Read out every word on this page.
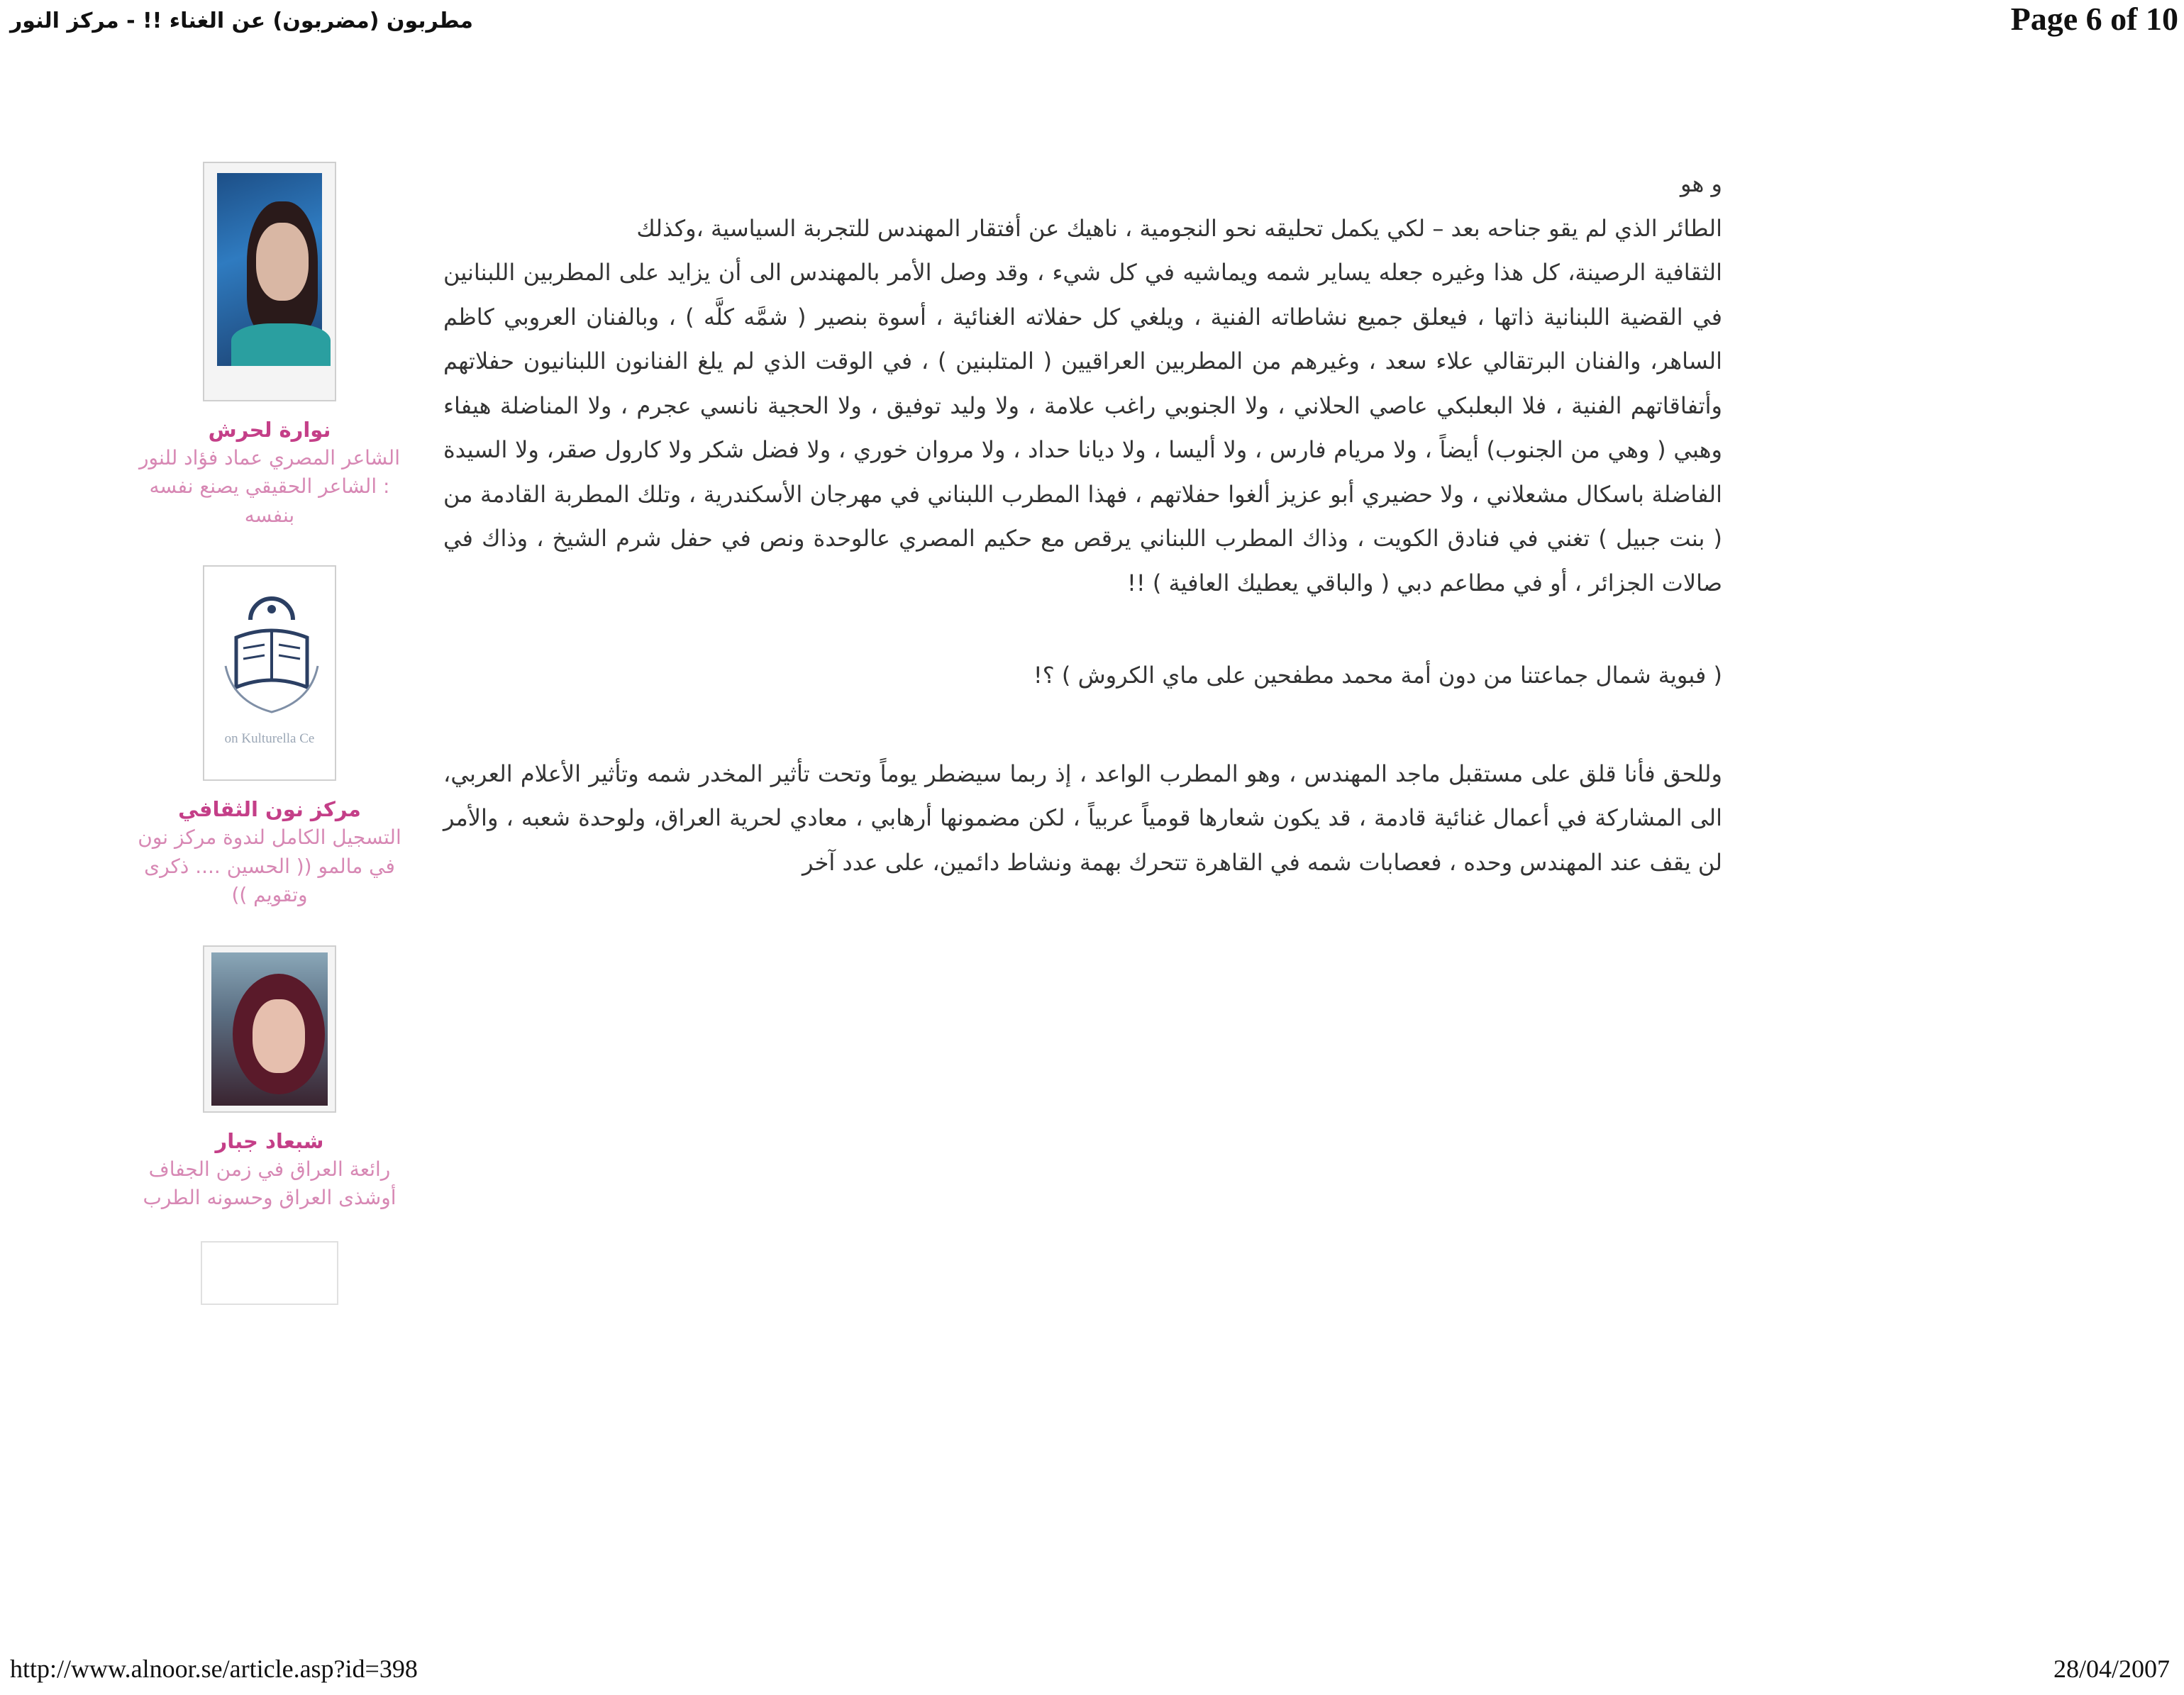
مطربون (مضربون) عن الغناء !! - مركز النور	Page 6 of 10
نوارة لحرش
الشاعر المصري عماد فؤاد للنور : الشاعر الحقيقي يصنع نفسه بنفسه
on Kulturella Ce
مركز نون الثقافي
التسجيل الكامل لندوة مركز نون في مالمو (( الحسين .... ذكرى وتقويم ))
شبعاد جبار
رائعة العراق في زمن الجفاف أوشذى العراق وحسونه الطرب

و هو

الطائر الذي لم يقو جناحه بعد – لكي يكمل تحليقه نحو النجومية ، ناهيك عن أفتقار المهندس للتجربة السياسية ،وكذلك

الثقافية الرصينة، كل هذا وغيره جعله يساير شمه ويماشيه في كل شيء ، وقد وصل الأمر بالمهندس الى أن يزايد على المطربين اللبنانين في القضية اللبنانية ذاتها ، فيعلق جميع نشاطاته الفنية ، ويلغي كل حفلاته الغنائية ، أسوة بنصير ( شمَّه كلَّه ) ، وبالفنان العروبي كاظم الساهر، والفنان البرتقالي علاء سعد ، وغيرهم من المطربين العراقيين ( المتلبنين ) ، في الوقت الذي لم يلغ الفنانون اللبنانيون حفلاتهم وأتفاقاتهم الفنية ، فلا البعلبكي عاصي الحلاني ، ولا الجنوبي راغب علامة ، ولا وليد توفيق ، ولا الحجية نانسي عجرم ، ولا المناضلة هيفاء وهبي ( وهي من الجنوب) أيضاً ، ولا مريام فارس ، ولا أليسا ، ولا ديانا حداد ، ولا مروان خوري ، ولا فضل شكر ولا كارول صقر، ولا السيدة الفاضلة باسكال مشعلاني ، ولا حضيري أبو عزيز ألغوا حفلاتهم ، فهذا المطرب اللبناني في مهرجان الأسكندرية ، وتلك المطربة القادمة من ( بنت جبيل ) تغني في فنادق الكويت ، وذاك المطرب اللبناني يرقص مع حكيم المصري عالوحدة ونص في حفل شرم الشيخ ، وذاك في صالات الجزائر ، أو في مطاعم دبي ( والباقي يعطيك العافية ) !!

( فبوية شمال جماعتنا من دون أمة محمد مطفحين على ماي الكروش ) ؟!

وللحق فأنا قلق على مستقبل ماجد المهندس ، وهو المطرب الواعد ، إذ ربما سيضطر يوماً وتحت تأثير المخدر شمه وتأثير الأعلام العربي، الى المشاركة في أعمال غنائية قادمة ، قد يكون شعارها قومياً عربياً ، لكن مضمونها أرهابي ، معادي لحرية العراق، ولوحدة شعبه ، والأمر لن يقف عند المهندس وحده ، فعصابات شمه في القاهرة تتحرك بهمة ونشاط دائمين، على عدد آخر

http://www.alnoor.se/article.asp?id=398	28/04/2007
